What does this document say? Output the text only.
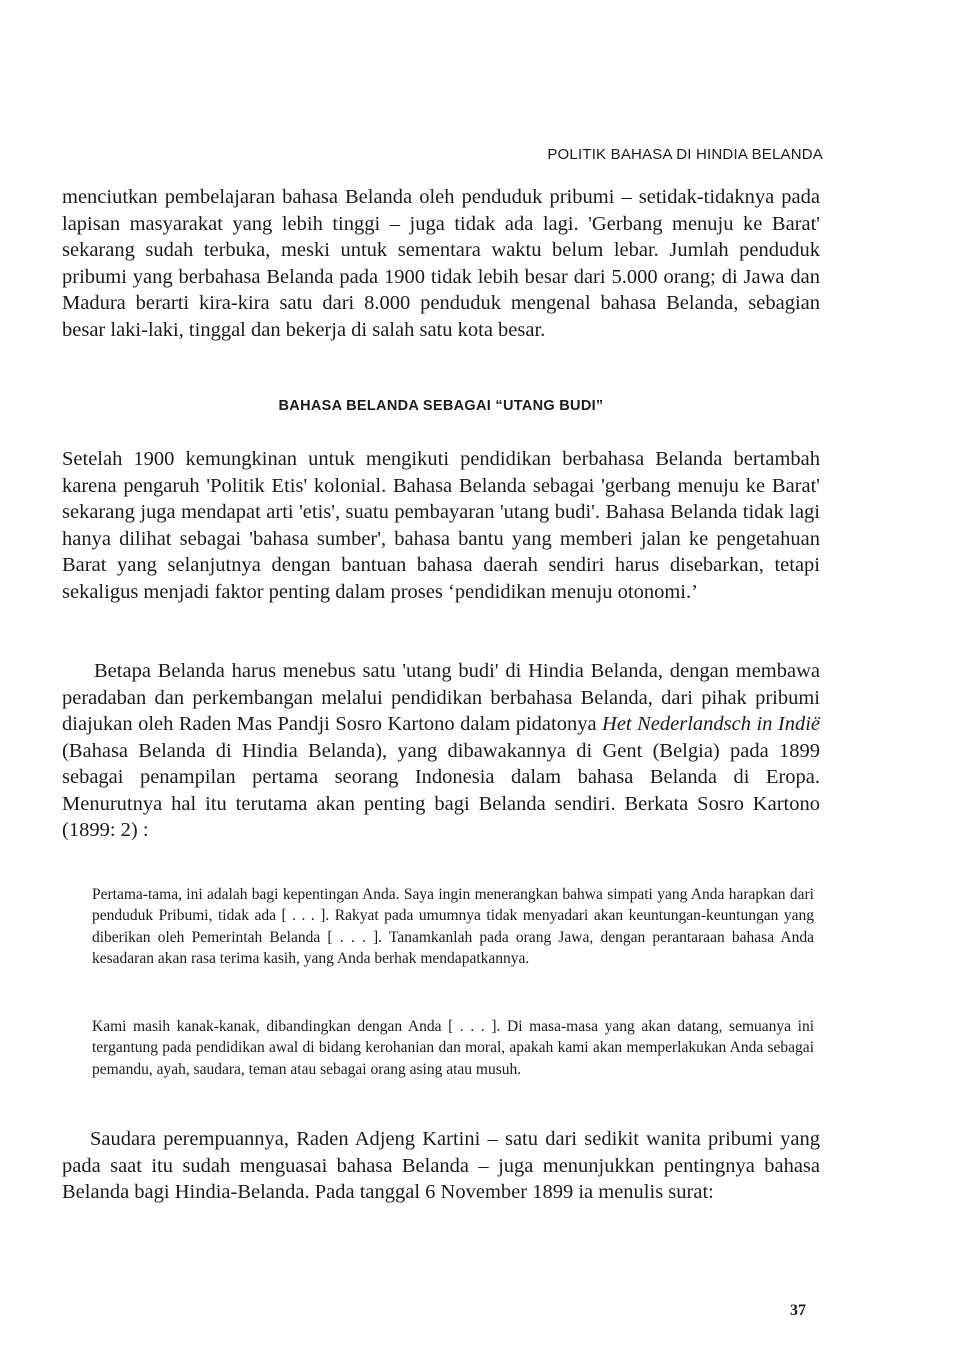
POLITIK BAHASA DI HINDIA BELANDA

menciutkan pembelajaran bahasa Belanda oleh penduduk pribumi – setidak-tidaknya pada lapisan masyarakat yang lebih tinggi – juga tidak ada lagi. 'Gerbang menuju ke Barat' sekarang sudah terbuka, meski untuk sementara waktu belum lebar. Jumlah penduduk pribumi yang berbahasa Belanda pada 1900 tidak lebih besar dari 5.000 orang; di Jawa dan Madura berarti kira-kira satu dari 8.000 penduduk mengenal bahasa Belanda, sebagian besar laki-laki, tinggal dan bekerja di salah satu kota besar.

BAHASA BELANDA SEBAGAI “UTANG BUDI”

Setelah 1900 kemungkinan untuk mengikuti pendidikan berbahasa Belanda bertambah karena pengaruh 'Politik Etis' kolonial. Bahasa Belanda sebagai 'gerbang menuju ke Barat' sekarang juga mendapat arti 'etis', suatu pembayaran 'utang budi'. Bahasa Belanda tidak lagi hanya dilihat sebagai 'bahasa sumber', bahasa bantu yang memberi jalan ke pengetahuan Barat yang selanjutnya dengan bantuan bahasa daerah sendiri harus disebarkan, tetapi sekaligus menjadi faktor penting dalam proses ‘pendidikan menuju otonomi.’

Betapa Belanda harus menebus satu 'utang budi' di Hindia Belanda, dengan membawa peradaban dan perkembangan melalui pendidikan berbahasa Belanda, dari pihak pribumi diajukan oleh Raden Mas Pandji Sosro Kartono dalam pidatonya Het Nederlandsch in Indië (Bahasa Belanda di Hindia Belanda), yang dibawakannya di Gent (Belgia) pada 1899 sebagai penampilan pertama seorang Indonesia dalam bahasa Belanda di Eropa. Menurutnya hal itu terutama akan penting bagi Belanda sendiri. Berkata Sosro Kartono (1899: 2) :

Pertama-tama, ini adalah bagi kepentingan Anda. Saya ingin menerangkan bahwa simpati yang Anda harapkan dari penduduk Pribumi, tidak ada [ . . . ]. Rakyat pada umumnya tidak menyadari akan keuntungan-keuntungan yang diberikan oleh Pemerintah Belanda [ . . . ]. Tanamkanlah pada orang Jawa, dengan perantaraan bahasa Anda kesadaran akan rasa terima kasih, yang Anda berhak mendapatkannya.

Kami masih kanak-kanak, dibandingkan dengan Anda [ . . . ]. Di masa-masa yang akan datang, semuanya ini tergantung pada pendidikan awal di bidang kerohanian dan moral, apakah kami akan memperlakukan Anda sebagai pemandu, ayah, saudara, teman atau sebagai orang asing atau musuh.

Saudara perempuannya, Raden Adjeng Kartini – satu dari sedikit wanita pribumi yang pada saat itu sudah menguasai bahasa Belanda – juga menunjukkan pentingnya bahasa Belanda bagi Hindia-Belanda. Pada tanggal 6 November 1899 ia menulis surat:

37
